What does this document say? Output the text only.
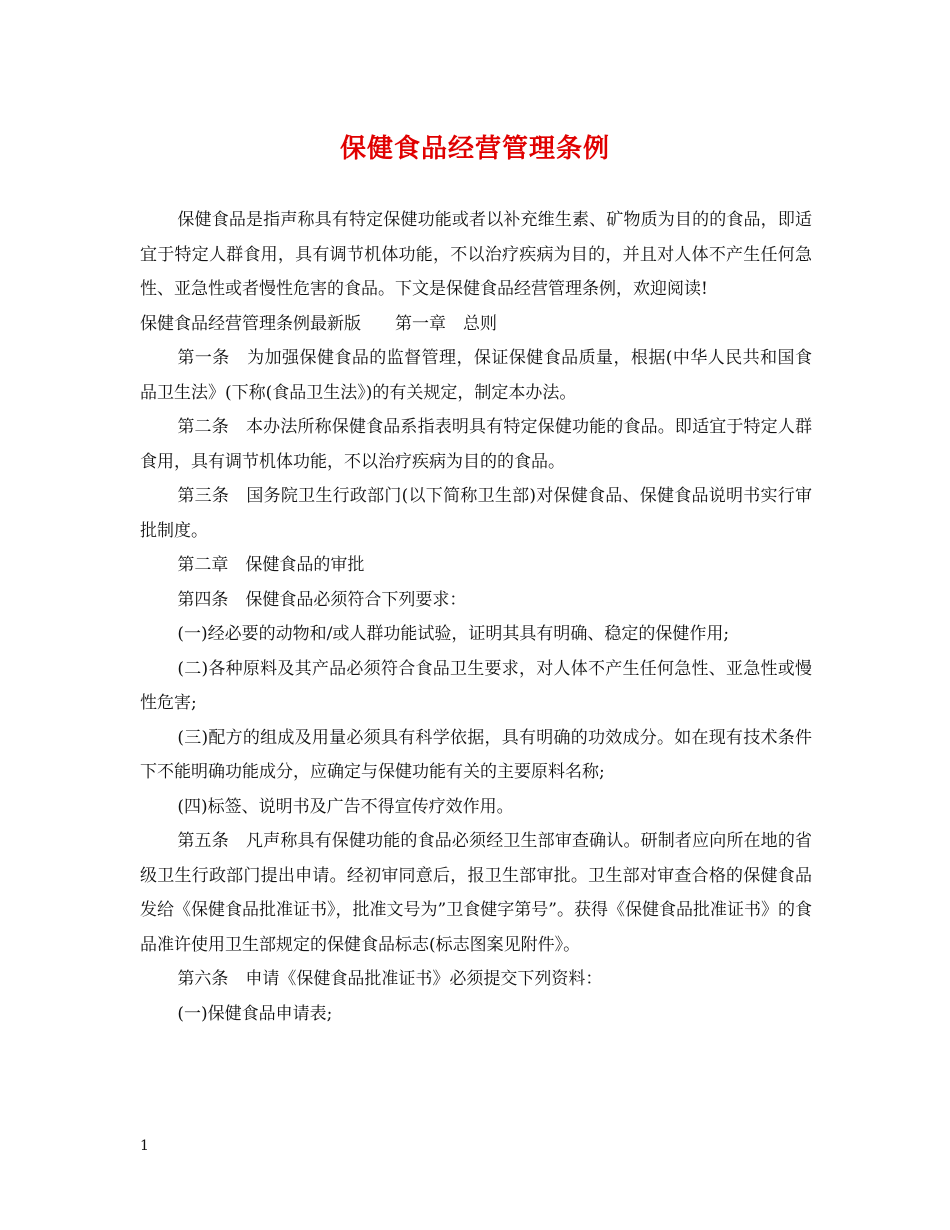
保健食品经营管理条例

保健食品是指声称具有特定保健功能或者以补充维生素、矿物质为目的的食品，即适宜于特定人群食用，具有调节机体功能，不以治疗疾病为目的，并且对人体不产生任何急性、亚急性或者慢性危害的食品。下文是保健食品经营管理条例，欢迎阅读!

保健食品经营管理条例最新版　　第一章　总则

第一条　为加强保健食品的监督管理，保证保健食品质量，根据(中华人民共和国食品卫生法》(下称(食品卫生法》)的有关规定，制定本办法。

第二条　本办法所称保健食品系指表明具有特定保健功能的食品。即适宜于特定人群食用，具有调节机体功能，不以治疗疾病为目的的食品。

第三条　国务院卫生行政部门(以下简称卫生部)对保健食品、保健食品说明书实行审批制度。

第二章　保健食品的审批

第四条　保健食品必须符合下列要求：

(一)经必要的动物和/或人群功能试验，证明其具有明确、稳定的保健作用;

(二)各种原料及其产品必须符合食品卫生要求，对人体不产生任何急性、亚急性或慢性危害;

(三)配方的组成及用量必须具有科学依据，具有明确的功效成分。如在现有技术条件下不能明确功能成分，应确定与保健功能有关的主要原料名称;

(四)标签、说明书及广告不得宣传疗效作用。

第五条　凡声称具有保健功能的食品必须经卫生部审查确认。研制者应向所在地的省级卫生行政部门提出申请。经初审同意后，报卫生部审批。卫生部对审查合格的保健食品发给《保健食品批准证书》，批准文号为”卫食健字第号”。获得《保健食品批准证书》的食品准许使用卫生部规定的保健食品标志(标志图案见附件》。

第六条　申请《保健食品批准证书》必须提交下列资料：

(一)保健食品申请表;

1
